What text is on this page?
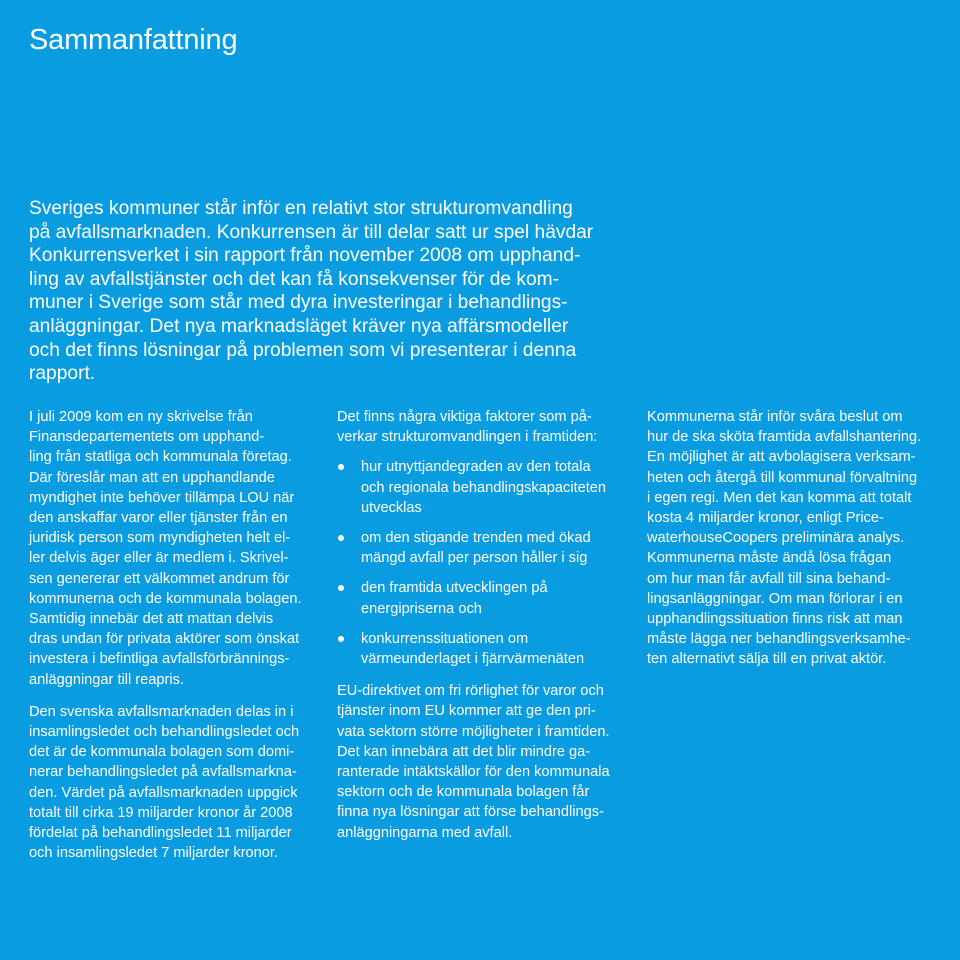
Sammanfattning

Sveriges kommuner står inför en relativt stor strukturomvandling
på avfallsmarknaden. Konkurrensen är till delar satt ur spel hävdar
Konkurrensverket i sin rapport från november 2008 om upphand-
ling av avfallstjänster och det kan få konsekvenser för de kom-
muner i Sverige som står med dyra investeringar i behandlings-
anläggningar. Det nya marknadsläget kräver nya affärsmodeller
och det finns lösningar på problemen som vi presenterar i denna
rapport.

I juli 2009 kom en ny skrivelse från
Finansdepartementets om upphand-
ling från statliga och kommunala företag.
Där föreslår man att en upphandlande
myndighet inte behöver tillämpa LOU när
den anskaffar varor eller tjänster från en
juridisk person som myndigheten helt el-
ler delvis äger eller är medlem i. Skrivel-
sen genererar ett välkommet andrum för
kommunerna och de kommunala bolagen.
Samtidig innebär det att mattan delvis
dras undan för privata aktörer som önskat
investera i befintliga avfallsförbrännings-
anläggningar till reapris.

Den svenska avfallsmarknaden delas in i
insamlingsledet och behandlingsledet och
det är de kommunala bolagen som domi-
nerar behandlingsledet på avfallsmarkna-
den. Värdet på avfallsmarknaden uppgick
totalt till cirka 19 miljarder kronor år 2008
fördelat på behandlingsledet 11 miljarder
och insamlingsledet 7 miljarder kronor.

Det finns några viktiga faktorer som på-
verkar strukturomvandlingen i framtiden:

hur utnyttjandegraden av den totala
och regionala behandlingskapaciteten
utvecklas
om den stigande trenden med ökad
mängd avfall per person håller i sig
den framtida utvecklingen på
energipriserna och
konkurrenssituationen om
värmeunderlaget i fjärrvärmenäten

EU-direktivet om fri rörlighet för varor och
tjänster inom EU kommer att ge den pri-
vata sektorn större möjligheter i framtiden.
Det kan innebära att det blir mindre ga-
ranterade intäktskällor för den kommunala
sektorn och de kommunala bolagen får
finna nya lösningar att förse behandlings-
anläggningarna med avfall.

Kommunerna står inför svåra beslut om
hur de ska sköta framtida avfallshantering.
En möjlighet är att avbolagisera verksam-
heten och återgå till kommunal förvaltning
i egen regi. Men det kan komma att totalt
kosta 4 miljarder kronor, enligt Price-
waterhouseCoopers preliminära analys.
Kommunerna måste ändå lösa frågan
om hur man får avfall till sina behand-
lingsanläggningar. Om man förlorar i en
upphandlingssituation finns risk att man
måste lägga ner behandlingsverksamhe-
ten alternativt sälja till en privat aktör.
